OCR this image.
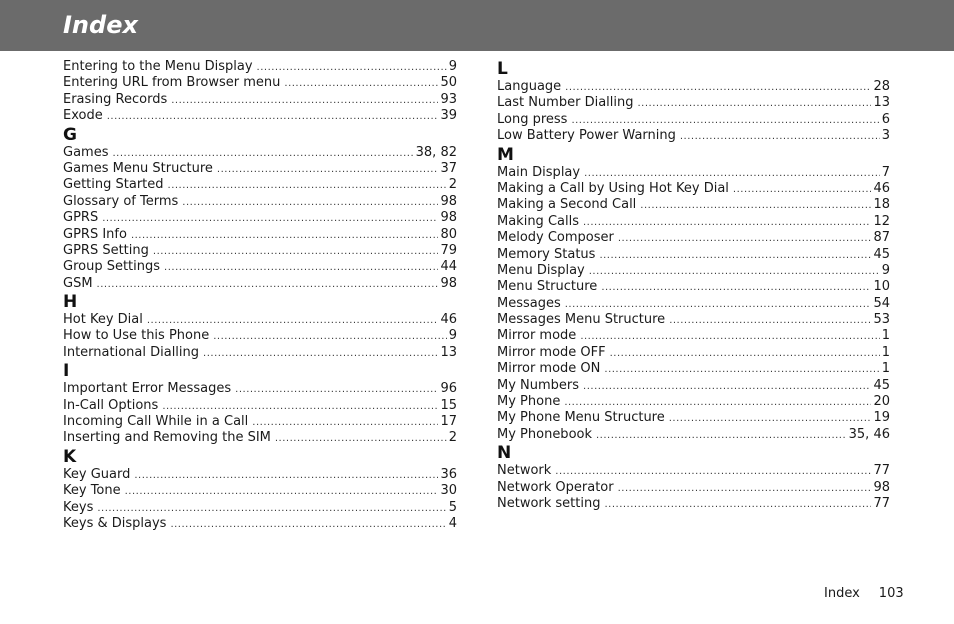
Index
Entering to the Menu Display .....	9
Entering URL from Browser menu .....	50
Erasing Records .....	93
Exode .....	39
G
Games .....	38, 82
Games Menu Structure .....	37
Getting Started .....	2
Glossary of Terms .....	98
GPRS .....	98
GPRS Info .....	80
GPRS Setting .....	79
Group Settings .....	44
GSM .....	98
H
Hot Key Dial .....	46
How to Use this Phone .....	9
International Dialling .....	13
I
Important Error Messages .....	96
In-Call Options .....	15
Incoming Call While in a Call .....	17
Inserting and Removing the SIM .....	2
K
Key Guard .....	36
Key Tone .....	30
Keys .....	5
Keys & Displays .....	4
L
Language .....	28
Last Number Dialling .....	13
Long press .....	6
Low Battery Power Warning .....	3
M
Main Display .....	7
Making a Call by Using Hot Key Dial .....	46
Making a Second Call .....	18
Making Calls .....	12
Melody Composer .....	87
Memory Status .....	45
Menu Display .....	9
Menu Structure .....	10
Messages .....	54
Messages Menu Structure .....	53
Mirror mode .....	1
Mirror mode OFF .....	1
Mirror mode ON .....	1
My Numbers .....	45
My Phone .....	20
My Phone Menu Structure .....	19
My Phonebook .....	35, 46
N
Network .....	77
Network Operator .....	98
Network setting .....	77
Index 103
